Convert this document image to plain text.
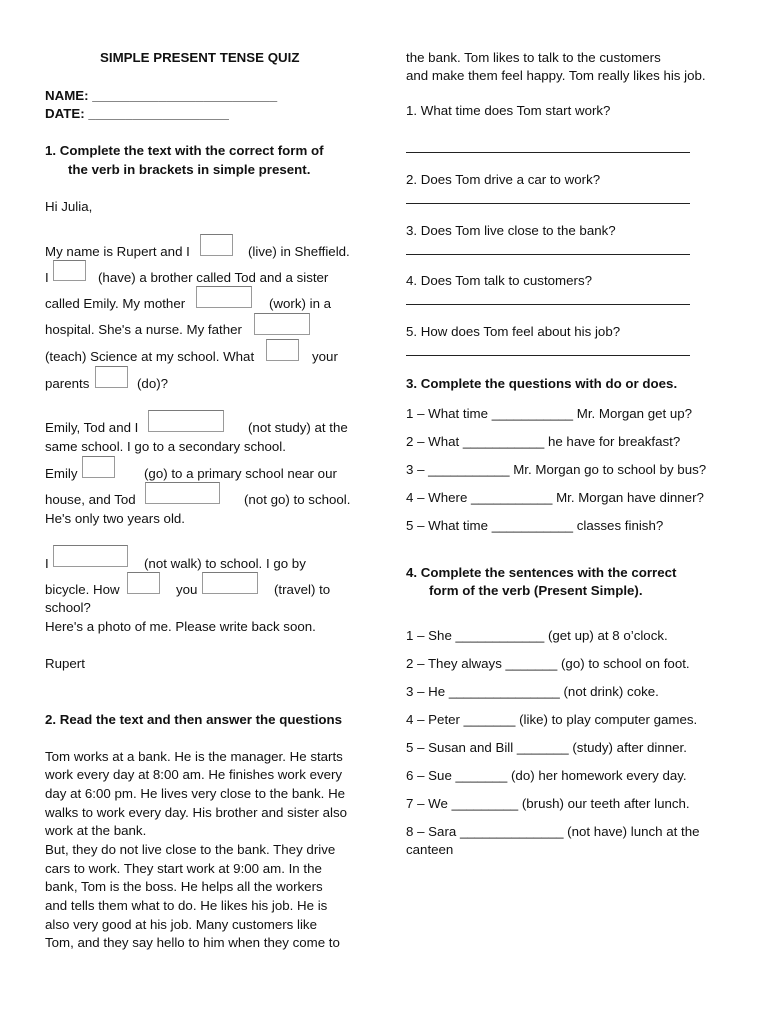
SIMPLE PRESENT TENSE QUIZ
NAME: _________________________
DATE: ___________________
1. Complete the text with the correct form of
the verb in brackets in simple present.
Hi Julia,
My name is Rupert and I	(live) in Sheffield.
I	(have) a brother called Tod and a sister
called Emily. My mother	(work) in a
hospital. She's a nurse. My father
(teach) Science at my school. What	your
parents	(do)?
Emily, Tod and I	(not study) at the
same school. I go to a secondary school.
Emily	(go) to a primary school near our
house, and Tod	(not go) to school.
He's only two years old.
I	(not walk) to school. I go by
bicycle. How	you	(travel) to
school?
Here's a photo of me. Please write back soon.
Rupert
2. Read the text and then answer the questions
Tom works at a bank. He is the manager. He starts
work every day at 8:00 am. He finishes work every
day at 6:00 pm. He lives very close to the bank. He
walks to work every day. His brother and sister also
work at the bank.
But, they do not live close to the bank. They drive
cars to work. They start work at 9:00 am. In the
bank, Tom is the boss. He helps all the workers
and tells them what to do. He likes his job. He is
also very good at his job. Many customers like
Tom, and they say hello to him when they come to
the bank. Tom likes to talk to the customers
and make them feel happy. Tom really likes his job.
1. What time does Tom start work?
2. Does Tom drive a car to work?
3. Does Tom live close to the bank?
4. Does Tom talk to customers?
5. How does Tom feel about his job?
3. Complete the questions with do or does.
1 – What time ___________ Mr. Morgan get up?
2 – What ___________ he have for breakfast?
3 – ___________ Mr. Morgan go to school by bus?
4 – Where ___________ Mr. Morgan have dinner?
5 – What time ___________ classes finish?
4. Complete the sentences with the correct
form of the verb (Present Simple).
1 – She ____________ (get up) at 8 o’clock.
2 – They always _______ (go) to school on foot.
3 – He _______________ (not drink) coke.
4 – Peter _______ (like) to play computer games.
5 – Susan and Bill _______ (study) after dinner.
6 – Sue _______ (do) her homework every day.
7 – We _________ (brush) our teeth after lunch.
8 – Sara ______________ (not have) lunch at the
canteen
